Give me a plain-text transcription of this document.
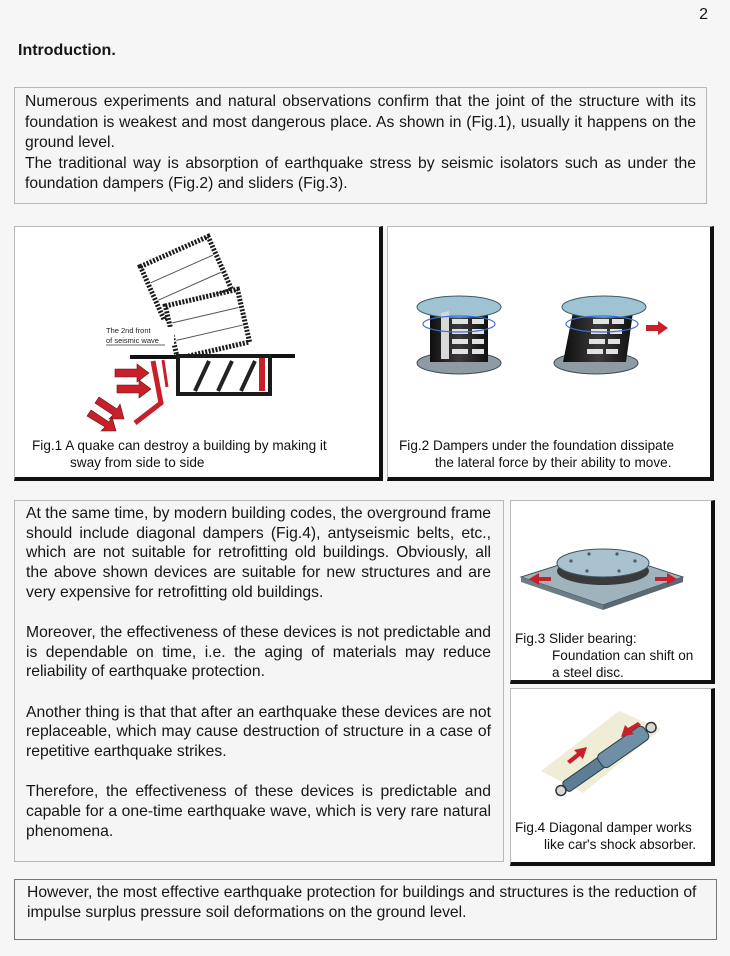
2
Introduction.

Numerous experiments and natural observations confirm that the joint of the structure with its foundation is weakest and most dangerous place. As shown in (Fig.1), usually it happens on the ground level.

The traditional way is absorption of earthquake stress by seismic isolators such as under the foundation dampers (Fig.2) and sliders (Fig.3).

The 2nd front
of seismic wave
Fig.1 A quake can destroy a building by making it
sway from side to side
Fig.2 Dampers under the foundation dissipate
the lateral force by their ability to move.

At the same time, by modern building codes, the overground frame should include diagonal dampers (Fig.4), antyseismic belts, etc., which are not suitable for retrofitting old buildings. Obviously, all the above shown devices are suitable for new structures and are very expensive for retrofitting old buildings.

Moreover, the effectiveness of these devices is not predictable and is dependable on time, i.e. the aging of materials may reduce reliability of earthquake protection.

Another thing is that that after an earthquake these devices are not replaceable, which may cause destruction of structure in a case of repetitive earthquake strikes.

Therefore, the effectiveness of these devices is predictable and capable for a one-time earthquake wave, which is very rare natural phenomena.

Fig.3 Slider bearing:
Foundation can shift on
a steel disc.
Fig.4 Diagonal damper works
like car's shock absorber.

However, the most effective earthquake protection for buildings and structures is the reduction of impulse surplus pressure soil deformations on the ground level.
